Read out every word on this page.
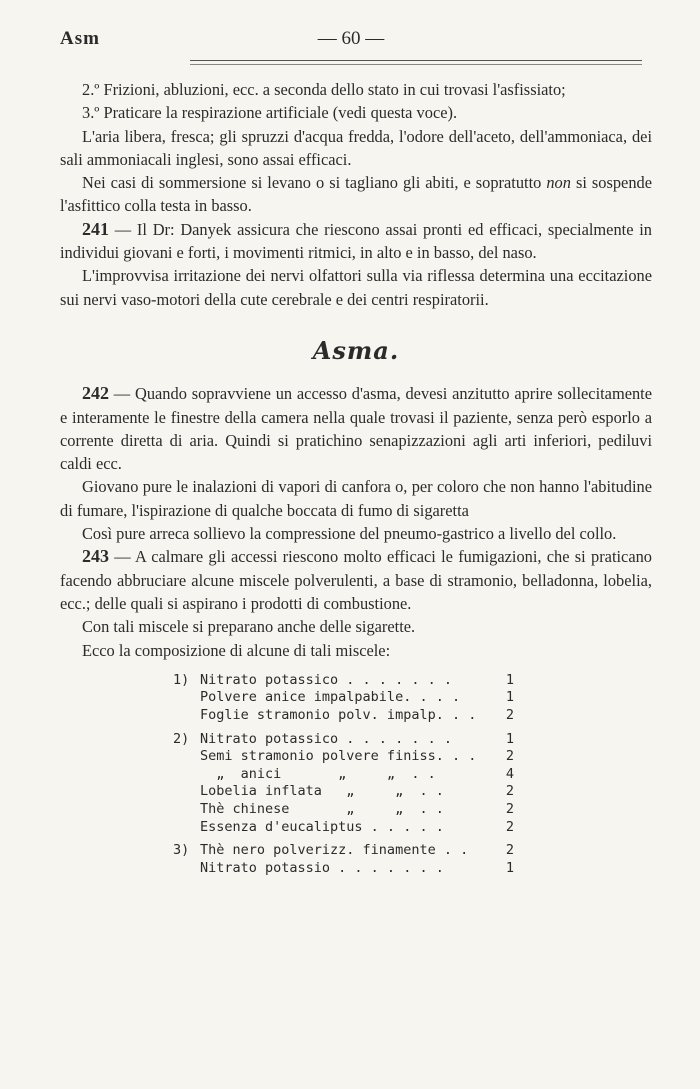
Asm	— 60 —

2.º Frizioni, abluzioni, ecc. a seconda dello stato in cui trovasi l'asfissiato;

3.º Praticare la respirazione artificiale (vedi questa voce).

L'aria libera, fresca; gli spruzzi d'acqua fredda, l'odore dell'aceto, dell'ammoniaca, dei sali ammoniacali inglesi, sono assai efficaci.

Nei casi di sommersione si levano o si tagliano gli abiti, e sopratutto non si sospende l'asfittico colla testa in basso.

241 — Il Dr: Danyek assicura che riescono assai pronti ed efficaci, specialmente in individui giovani e forti, i movimenti ritmici, in alto e in basso, del naso.

L'improvvisa irritazione dei nervi olfattori sulla via riflessa determina una eccitazione sui nervi vaso-motori della cute cerebrale e dei centri respiratorii.

Asma.

242 — Quando sopravviene un accesso d'asma, devesi anzitutto aprire sollecitamente e interamente le finestre della camera nella quale trovasi il paziente, senza però esporlo a corrente diretta di aria. Quindi si pratichino senapizzazioni agli arti inferiori, pediluvi caldi ecc.

Giovano pure le inalazioni di vapori di canfora o, per coloro che non hanno l'abitudine di fumare, l'ispirazione di qualche boccata di fumo di sigaretta

Così pure arreca sollievo la compressione del pneumo-gastrico a livello del collo.

243 — A calmare gli accessi riescono molto efficaci le fumigazioni, che si praticano facendo abbruciare alcune miscele polverulenti, a base di stramonio, belladonna, lobelia, ecc.; delle quali si aspirano i prodotti di combustione.

Con tali miscele si preparano anche delle sigarette.

Ecco la composizione di alcune di tali miscele:

1) Nitrato potassico . . . . . . .	1
Polvere anice impalpabile. . . .	1
Foglie stramonio polv. impalp. . . 2
2) Nitrato potassico . . . . . . .	1
Semi stramonio polvere finiss. . . 2
„  anici       „     „  . .	4
Lobelia inflata   „     „  . .	2
Thè chinese       „     „  . .	2
Essenza d'eucaliptus . . . . .	2
3) Thè nero polverizz. finamente . .	2
Nitrato potassio . . . . . . .	1
